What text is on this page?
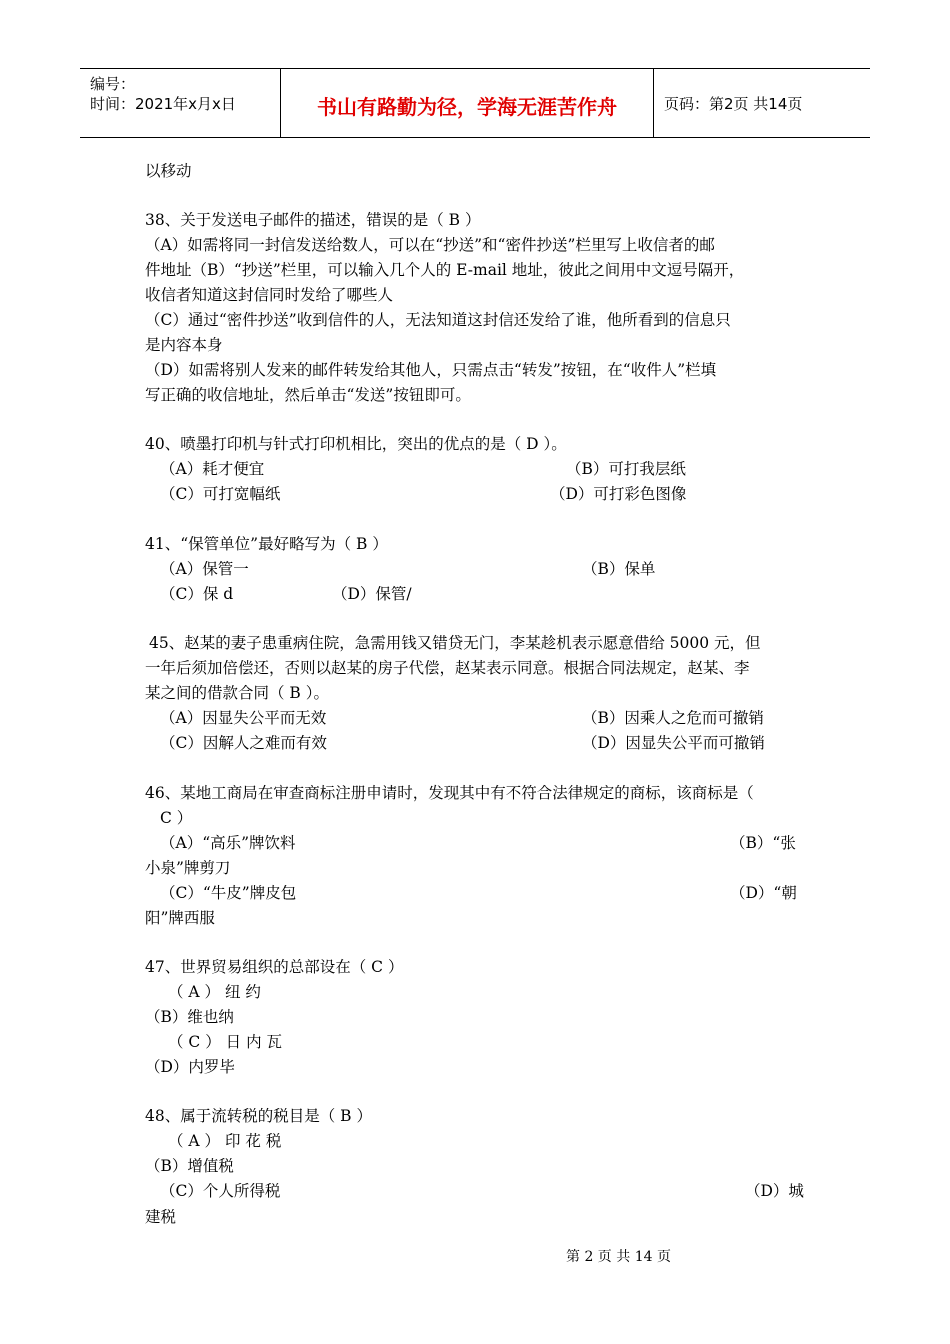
编号：
时间：2021年x月x日	书山有路勤为径，学海无涯苦作舟	页码：第2页 共14页
以移动
38、关于发送电子邮件的描述，错误的是（ B ）
（A）如需将同一封信发送给数人，可以在“抄送”和“密件抄送”栏里写上收信者的邮
件地址（B）“抄送”栏里，可以输入几个人的 E-mail 地址，彼此之间用中文逗号隔开，
收信者知道这封信同时发给了哪些人
（C）通过“密件抄送”收到信件的人，无法知道这封信还发给了谁，他所看到的信息只
是内容本身
（D）如需将别人发来的邮件转发给其他人，只需点击“转发”按钮，在“收件人”栏填
写正确的收信地址，然后单击“发送”按钮即可。
40、喷墨打印机与针式打印机相比，突出的优点的是（ D ）。
（A）耗才便宜	（B）可打我层纸
（C）可打宽幅纸	（D）可打彩色图像
41、“保管单位”最好略写为（ B ）
（A）保管一	（B）保单
（C）保 d	（D）保管/
45、赵某的妻子患重病住院，急需用钱又错贷无门，李某趁机表示愿意借给 5000 元，但
一年后须加倍偿还，否则以赵某的房子代偿，赵某表示同意。根据合同法规定，赵某、李
某之间的借款合同（ B ）。
（A）因显失公平而无效	（B）因乘人之危而可撤销
（C）因解人之难而有效	（D）因显失公平而可撤销
46、某地工商局在审查商标注册申请时，发现其中有不符合法律规定的商标，该商标是（
C ）
（A）“高乐”牌饮料	（B）“张
小泉”牌剪刀
（C）“牛皮”牌皮包	（D）“朝
阳”牌西服
47、世界贸易组织的总部设在（ C ）
（ A ） 纽 约
（B）维也纳
（ C ） 日 内 瓦
（D）内罗毕
48、属于流转税的税目是（ B ）
（ A ） 印 花 税
（B）增值税
（C）个人所得税	（D）城
建税
第 2 页 共 14 页
